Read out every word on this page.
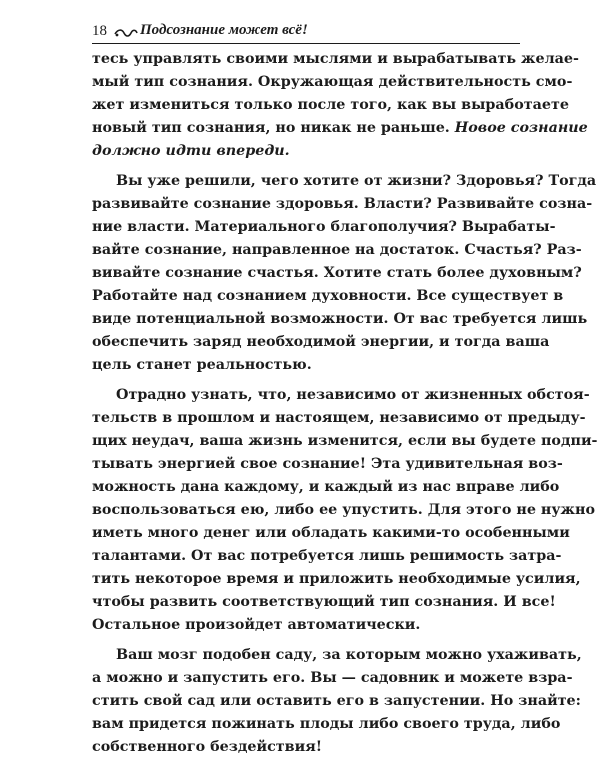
18 Подсознание может всё!
тесь управлять своими мыслями и вырабатывать желае-
мый тип сознания. Окружающая действительность смо-
жет измениться только после того, как вы выработаете
новый тип сознания, но никак не раньше. Новое сознание
должно идти впереди.
Вы уже решили, чего хотите от жизни? Здоровья? Тогда
развивайте сознание здоровья. Власти? Развивайте созна-
ние власти. Материального благополучия? Вырабаты-
вайте сознание, направленное на достаток. Счастья? Раз-
вивайте сознание счастья. Хотите стать более духовным?
Работайте над сознанием духовности. Все существует в
виде потенциальной возможности. От вас требуется лишь
обеспечить заряд необходимой энергии, и тогда ваша
цель станет реальностью.
Отрадно узнать, что, независимо от жизненных обстоя-
тельств в прошлом и настоящем, независимо от предыду-
щих неудач, ваша жизнь изменится, если вы будете подпи-
тывать энергией свое сознание! Эта удивительная воз-
можность дана каждому, и каждый из нас вправе либо
воспользоваться ею, либо ее упустить. Для этого не нужно
иметь много денег или обладать какими-то особенными
талантами. От вас потребуется лишь решимость затра-
тить некоторое время и приложить необходимые усилия,
чтобы развить соответствующий тип сознания. И все!
Остальное произойдет автоматически.
Ваш мозг подобен саду, за которым можно ухаживать,
а можно и запустить его. Вы — садовник и можете взра-
стить свой сад или оставить его в запустении. Но знайте:
вам придется пожинать плоды либо своего труда, либо
собственного бездействия!
